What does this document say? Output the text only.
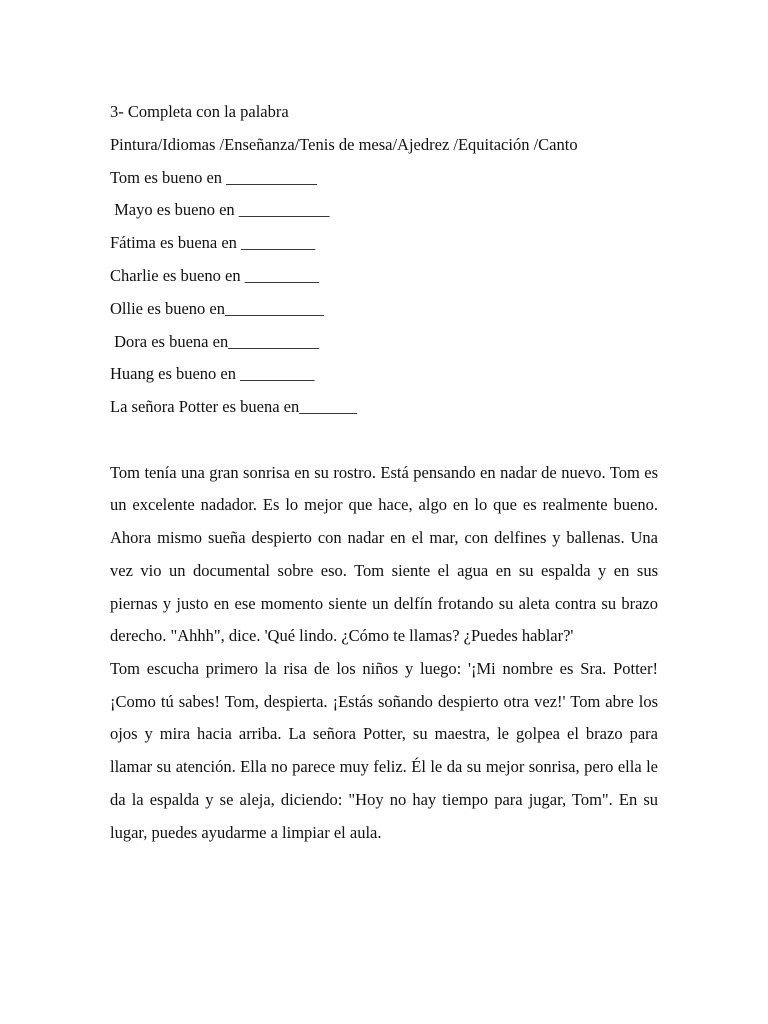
3- Completa con la palabra
Pintura/Idiomas /Enseñanza/Tenis de mesa/Ajedrez /Equitación /Canto
Tom es bueno en ___________
Mayo es bueno en ___________
Fátima es buena en _________
Charlie es bueno en _________
Ollie es bueno en____________
Dora es buena en___________
Huang es bueno en _________
La señora Potter es buena en_______

Tom tenía una gran sonrisa en su rostro. Está pensando en nadar de nuevo. Tom es un excelente nadador. Es lo mejor que hace, algo en lo que es realmente bueno. Ahora mismo sueña despierto con nadar en el mar, con delfines y ballenas. Una vez vio un documental sobre eso. Tom siente el agua en su espalda y en sus piernas y justo en ese momento siente un delfín frotando su aleta contra su brazo derecho. "Ahhh", dice. 'Qué lindo. ¿Cómo te llamas? ¿Puedes hablar?'

Tom escucha primero la risa de los niños y luego: '¡Mi nombre es Sra. Potter! ¡Como tú sabes! Tom, despierta. ¡Estás soñando despierto otra vez!' Tom abre los ojos y mira hacia arriba. La señora Potter, su maestra, le golpea el brazo para llamar su atención. Ella no parece muy feliz. Él le da su mejor sonrisa, pero ella le da la espalda y se aleja, diciendo: "Hoy no hay tiempo para jugar, Tom". En su lugar, puedes ayudarme a limpiar el aula.
